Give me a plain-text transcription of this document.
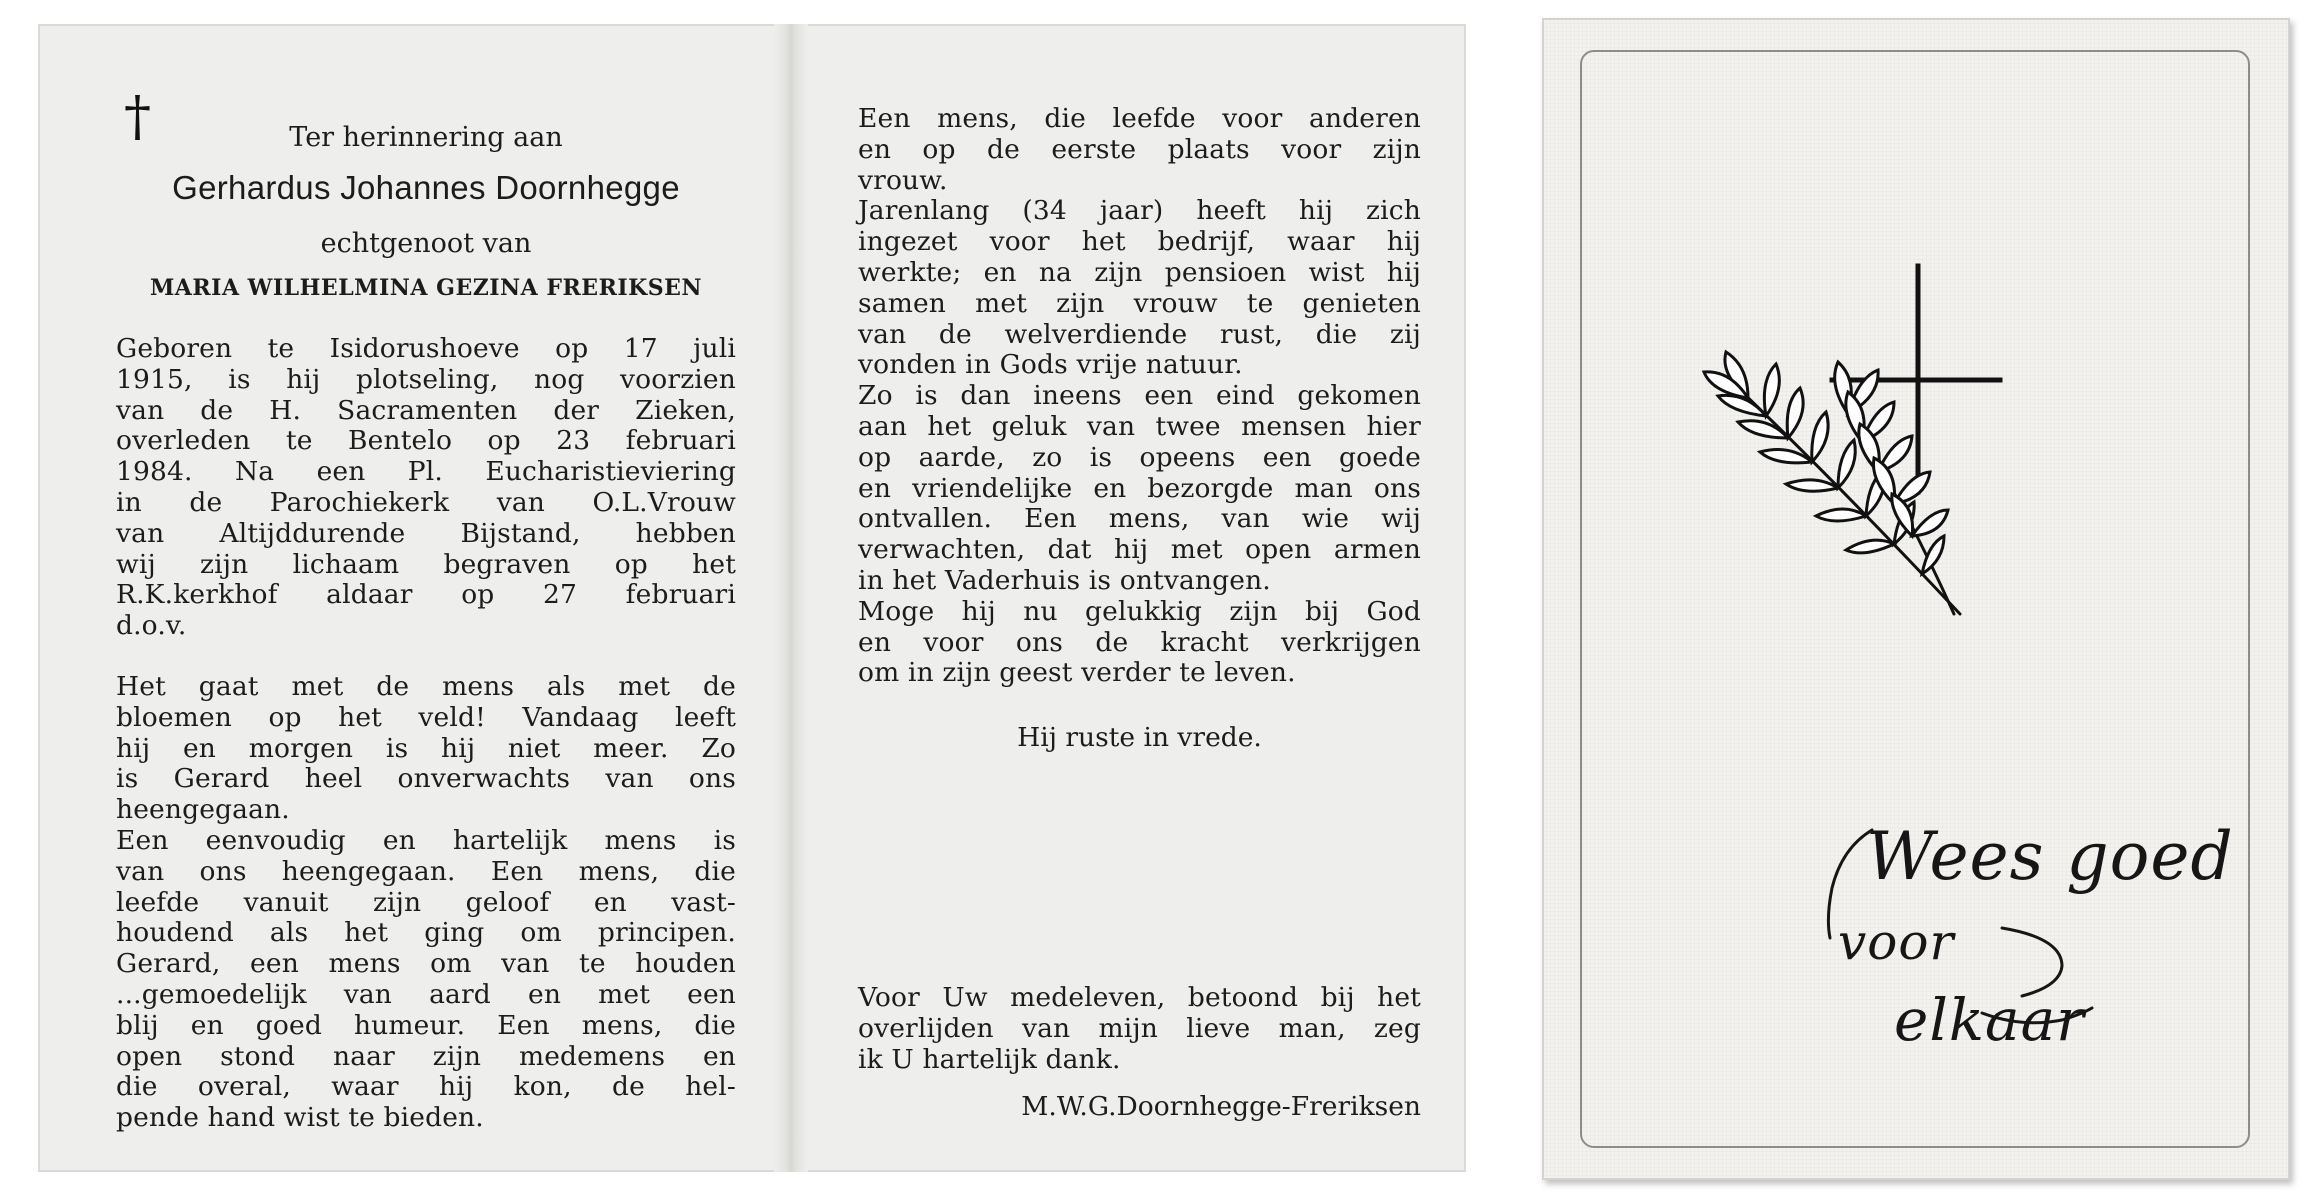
†	Ter herinnering aan

Gerhardus Johannes Doornhegge

echtgenoot van

MARIA WILHELMINA GEZINA FRERIKSEN

Geboren te Isidorushoeve op 17 juli
1915, is hij plotseling, nog voorzien
van de H. Sacramenten der Zieken,
overleden te Bentelo op 23 februari
1984. Na een Pl. Eucharistieviering
in de Parochiekerk van O.L.Vrouw
van Altijddurende Bijstand, hebben
wij zijn lichaam begraven op het
R.K.kerkhof aldaar op 27 februari
d.o.v.
Het gaat met de mens als met de
bloemen op het veld! Vandaag leeft
hij en morgen is hij niet meer. Zo
is Gerard heel onverwachts van ons
heengegaan.
Een eenvoudig en hartelijk mens is
van ons heengegaan. Een mens, die
leefde vanuit zijn geloof en vast-
houdend als het ging om principen.
Gerard, een mens om van te houden
...gemoedelijk van aard en met een
blij en goed humeur. Een mens, die
open stond naar zijn medemens en
die overal, waar hij kon, de hel-
pende hand wist te bieden.
Een mens, die leefde voor anderen
en op de eerste plaats voor zijn
vrouw.
Jarenlang (34 jaar) heeft hij zich
ingezet voor het bedrijf, waar hij
werkte; en na zijn pensioen wist hij
samen met zijn vrouw te genieten
van de welverdiende rust, die zij
vonden in Gods vrije natuur.
Zo is dan ineens een eind gekomen
aan het geluk van twee mensen hier
op aarde, zo is opeens een goede
en vriendelijke en bezorgde man ons
ontvallen. Een mens, van wie wij
verwachten, dat hij met open armen
in het Vaderhuis is ontvangen.
Moge hij nu gelukkig zijn bij God
en voor ons de kracht verkrijgen
om in zijn geest verder te leven.
Hij ruste in vrede.
Voor Uw medeleven, betoond bij het
overlijden van mijn lieve man, zeg
ik U hartelijk dank.
M.W.G.Doornhegge-Freriksen
Wees goed
voor
elkaar
